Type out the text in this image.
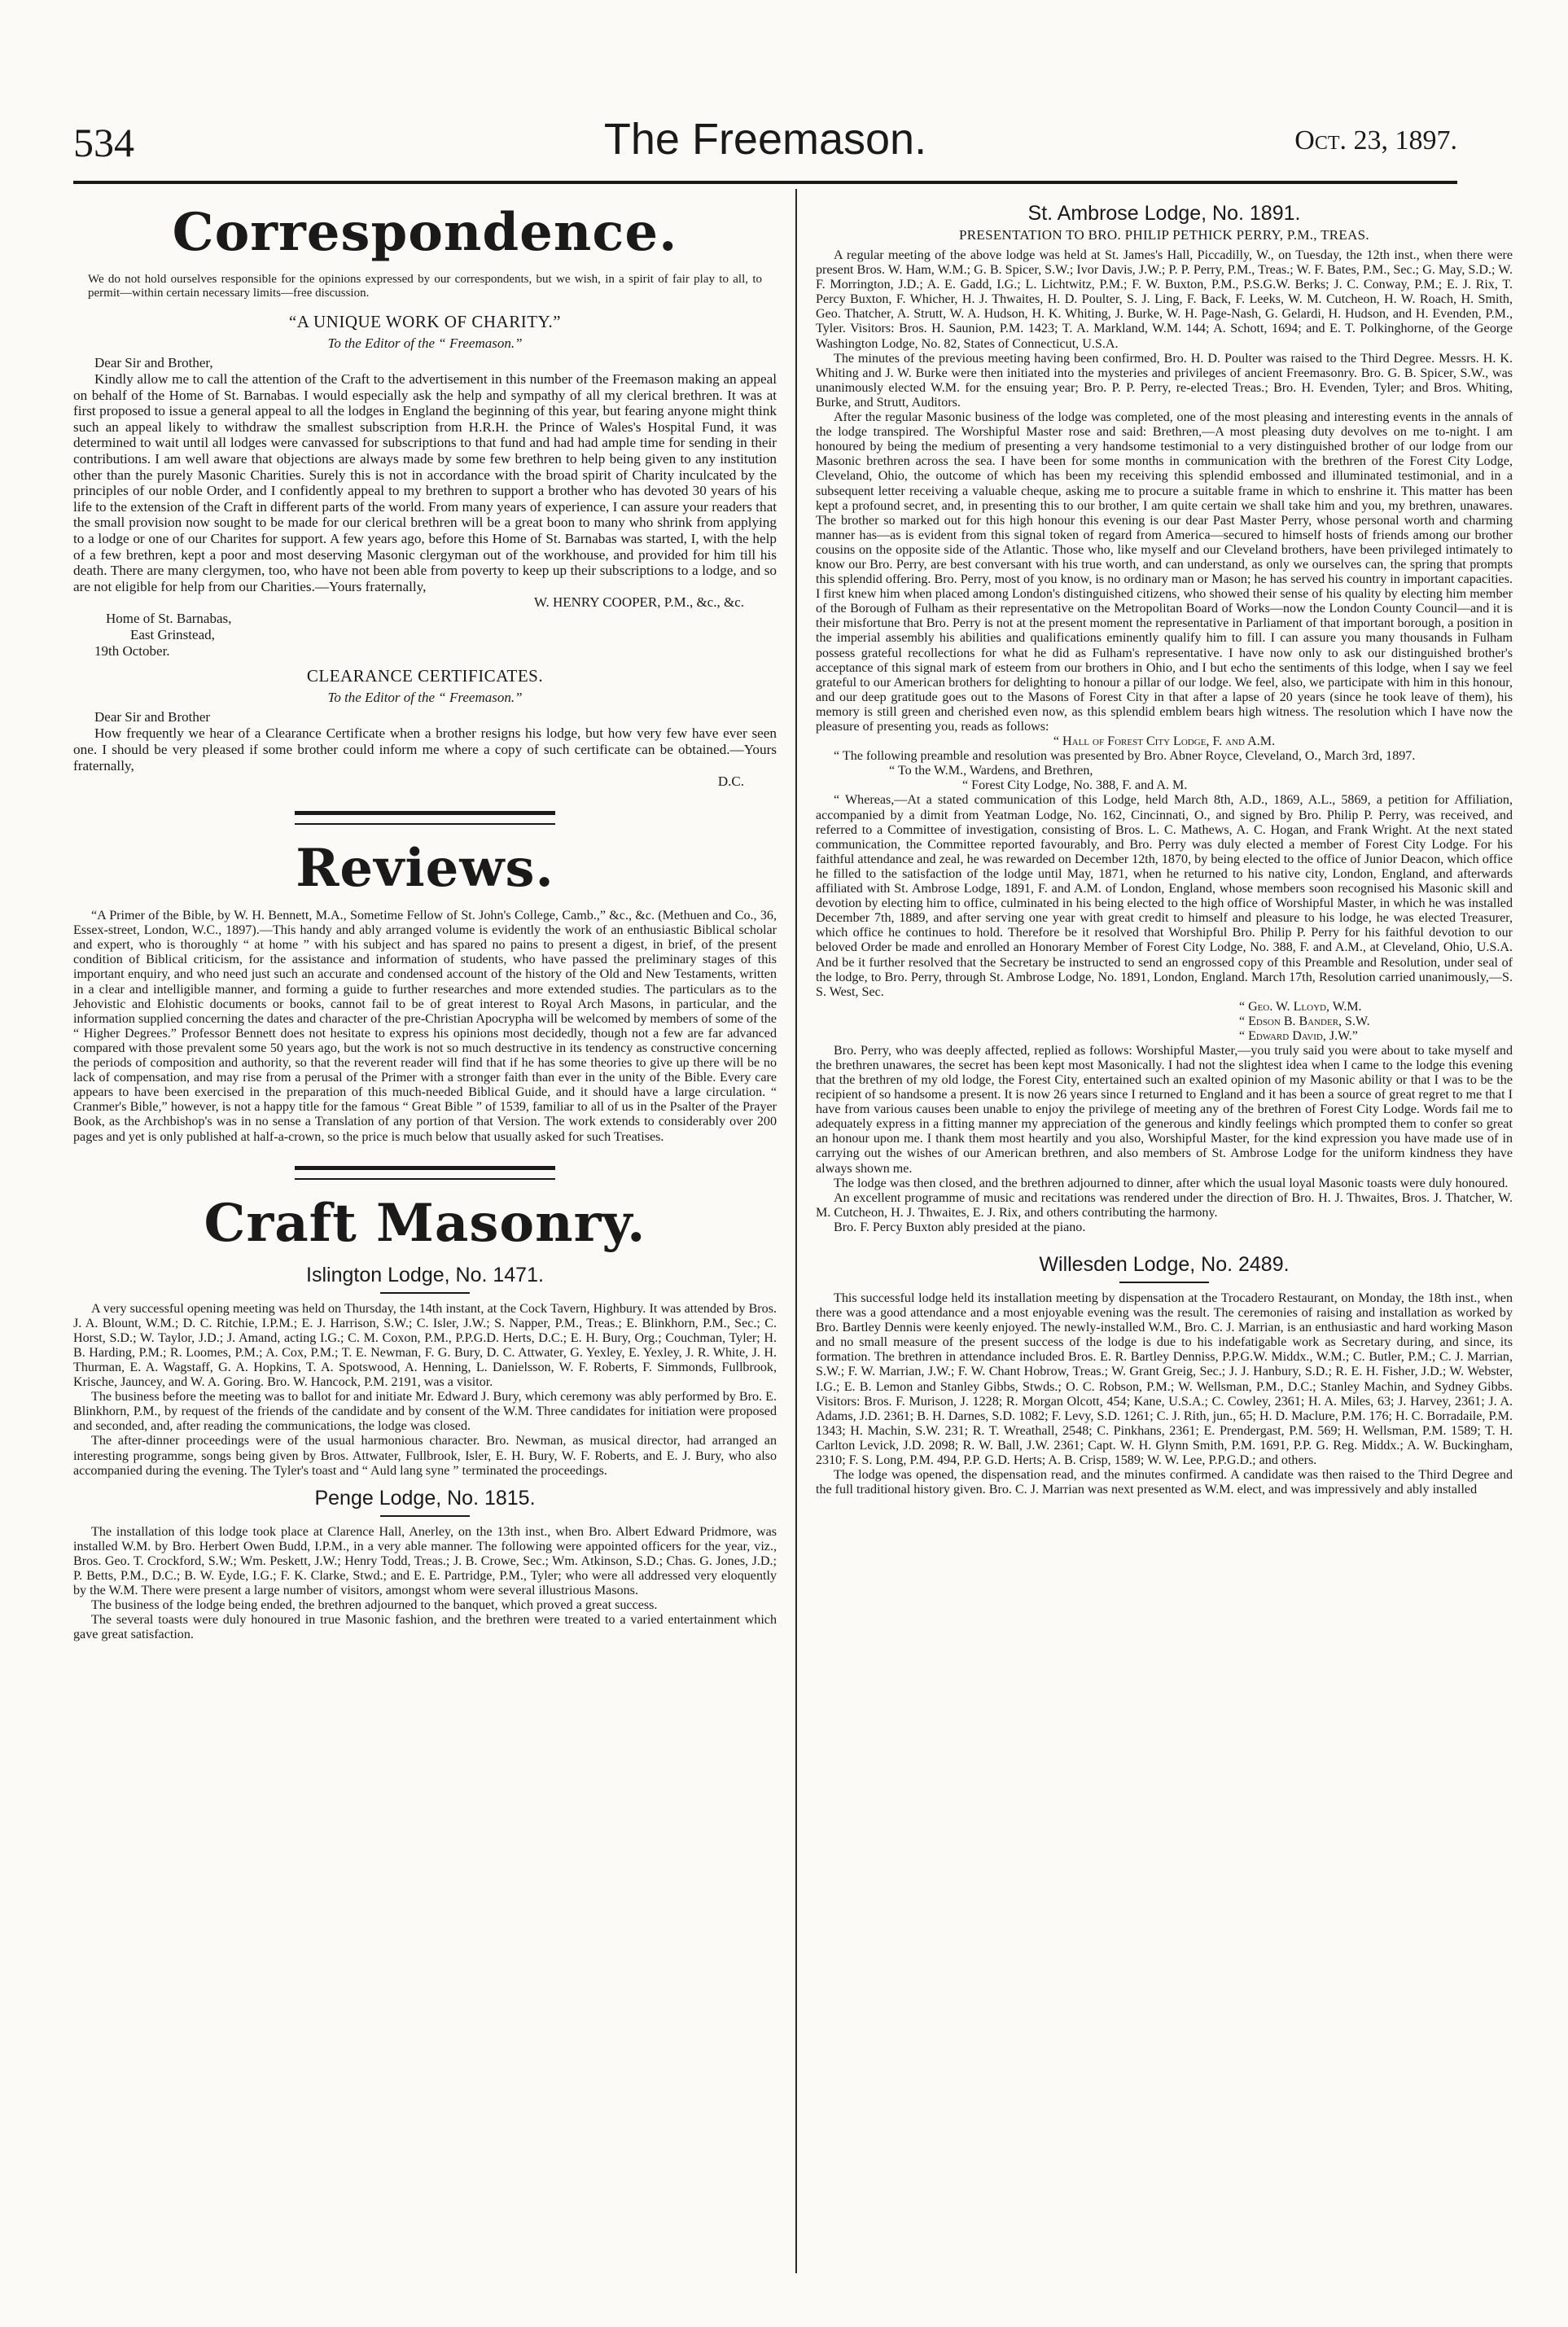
534	The Freemason.	Oct. 23, 1897.
Correspondence.

We do not hold ourselves responsible for the opinions expressed by our correspondents, but we wish, in a spirit of fair play to all, to permit—within certain necessary limits—free discussion.

“A UNIQUE WORK OF CHARITY.”
To the Editor of the “ Freemason.”

Dear Sir and Brother,

Kindly allow me to call the attention of the Craft to the advertisement in this number of the Freemason making an appeal on behalf of the Home of St. Barnabas. I would especially ask the help and sympathy of all my clerical brethren. It was at first proposed to issue a general appeal to all the lodges in England the beginning of this year, but fearing anyone might think such an appeal likely to withdraw the smallest subscription from H.R.H. the Prince of Wales's Hospital Fund, it was determined to wait until all lodges were canvassed for subscriptions to that fund and had had ample time for sending in their contributions. I am well aware that objections are always made by some few brethren to help being given to any institution other than the purely Masonic Charities. Surely this is not in accordance with the broad spirit of Charity inculcated by the principles of our noble Order, and I confidently appeal to my brethren to support a brother who has devoted 30 years of his life to the extension of the Craft in different parts of the world. From many years of experience, I can assure your readers that the small provision now sought to be made for our clerical brethren will be a great boon to many who shrink from applying to a lodge or one of our Charites for support. A few years ago, before this Home of St. Barnabas was started, I, with the help of a few brethren, kept a poor and most deserving Masonic clergyman out of the workhouse, and provided for him till his death. There are many clergymen, too, who have not been able from poverty to keep up their subscriptions to a lodge, and so are not eligible for help from our Charities.—Yours fraternally,

W. HENRY COOPER, P.M., &c., &c.

Home of St. Barnabas,

East Grinstead,

19th October.

CLEARANCE CERTIFICATES.
To the Editor of the “ Freemason.”

Dear Sir and Brother

How frequently we hear of a Clearance Certificate when a brother resigns his lodge, but how very few have ever seen one. I should be very pleased if some brother could inform me where a copy of such certificate can be obtained.—Yours fraternally,

D.C.

Reviews.

“A Primer of the Bible, by W. H. Bennett, M.A., Sometime Fellow of St. John's College, Camb.,” &c., &c. (Methuen and Co., 36, Essex-street, London, W.C., 1897).—This handy and ably arranged volume is evidently the work of an enthusiastic Biblical scholar and expert, who is thoroughly “ at home ” with his subject and has spared no pains to present a digest, in brief, of the present condition of Biblical criticism, for the assistance and information of students, who have passed the preliminary stages of this important enquiry, and who need just such an accurate and condensed account of the history of the Old and New Testaments, written in a clear and intelligible manner, and forming a guide to further researches and more extended studies. The particulars as to the Jehovistic and Elohistic documents or books, cannot fail to be of great interest to Royal Arch Masons, in particular, and the information supplied concerning the dates and character of the pre-Christian Apocrypha will be welcomed by members of some of the “ Higher Degrees.” Professor Bennett does not hesitate to express his opinions most decidedly, though not a few are far advanced compared with those prevalent some 50 years ago, but the work is not so much destructive in its tendency as constructive concerning the periods of composition and authority, so that the reverent reader will find that if he has some theories to give up there will be no lack of compensation, and may rise from a perusal of the Primer with a stronger faith than ever in the unity of the Bible. Every care appears to have been exercised in the preparation of this much-needed Biblical Guide, and it should have a large circulation. “ Cranmer's Bible,” however, is not a happy title for the famous “ Great Bible ” of 1539, familiar to all of us in the Psalter of the Prayer Book, as the Archbishop's was in no sense a Translation of any portion of that Version. The work extends to considerably over 200 pages and yet is only published at half-a-crown, so the price is much below that usually asked for such Treatises.

Craft Masonry.
Islington Lodge, No. 1471.

A very successful opening meeting was held on Thursday, the 14th instant, at the Cock Tavern, Highbury. It was attended by Bros. J. A. Blount, W.M.; D. C. Ritchie, I.P.M.; E. J. Harrison, S.W.; C. Isler, J.W.; S. Napper, P.M., Treas.; E. Blinkhorn, P.M., Sec.; C. Horst, S.D.; W. Taylor, J.D.; J. Amand, acting I.G.; C. M. Coxon, P.M., P.P.G.D. Herts, D.C.; E. H. Bury, Org.; Couchman, Tyler; H. B. Harding, P.M.; R. Loomes, P.M.; A. Cox, P.M.; T. E. Newman, F. G. Bury, D. C. Attwater, G. Yexley, E. Yexley, J. R. White, J. H. Thurman, E. A. Wagstaff, G. A. Hopkins, T. A. Spotswood, A. Henning, L. Danielsson, W. F. Roberts, F. Simmonds, Fullbrook, Krische, Jauncey, and W. A. Goring. Bro. W. Hancock, P.M. 2191, was a visitor.

The business before the meeting was to ballot for and initiate Mr. Edward J. Bury, which ceremony was ably performed by Bro. E. Blinkhorn, P.M., by request of the friends of the candidate and by consent of the W.M. Three candidates for initiation were proposed and seconded, and, after reading the communications, the lodge was closed.

The after-dinner proceedings were of the usual harmonious character. Bro. Newman, as musical director, had arranged an interesting programme, songs being given by Bros. Attwater, Fullbrook, Isler, E. H. Bury, W. F. Roberts, and E. J. Bury, who also accompanied during the evening. The Tyler's toast and “ Auld lang syne ” terminated the proceedings.

Penge Lodge, No. 1815.

The installation of this lodge took place at Clarence Hall, Anerley, on the 13th inst., when Bro. Albert Edward Pridmore, was installed W.M. by Bro. Herbert Owen Budd, I.P.M., in a very able manner. The following were appointed officers for the year, viz., Bros. Geo. T. Crockford, S.W.; Wm. Peskett, J.W.; Henry Todd, Treas.; J. B. Crowe, Sec.; Wm. Atkinson, S.D.; Chas. G. Jones, J.D.; P. Betts, P.M., D.C.; B. W. Eyde, I.G.; F. K. Clarke, Stwd.; and E. E. Partridge, P.M., Tyler; who were all addressed very eloquently by the W.M. There were present a large number of visitors, amongst whom were several illustrious Masons.

The business of the lodge being ended, the brethren adjourned to the banquet, which proved a great success.

The several toasts were duly honoured in true Masonic fashion, and the brethren were treated to a varied entertainment which gave great satisfaction.

St. Ambrose Lodge, No. 1891.
PRESENTATION TO BRO. PHILIP PETHICK PERRY, P.M., TREAS.

A regular meeting of the above lodge was held at St. James's Hall, Piccadilly, W., on Tuesday, the 12th inst., when there were present Bros. W. Ham, W.M.; G. B. Spicer, S.W.; Ivor Davis, J.W.; P. P. Perry, P.M., Treas.; W. F. Bates, P.M., Sec.; G. May, S.D.; W. F. Morrington, J.D.; A. E. Gadd, I.G.; L. Lichtwitz, P.M.; F. W. Buxton, P.M., P.S.G.W. Berks; J. C. Conway, P.M.; E. J. Rix, T. Percy Buxton, F. Whicher, H. J. Thwaites, H. D. Poulter, S. J. Ling, F. Back, F. Leeks, W. M. Cutcheon, H. W. Roach, H. Smith, Geo. Thatcher, A. Strutt, W. A. Hudson, H. K. Whiting, J. Burke, W. H. Page-Nash, G. Gelardi, H. Hudson, and H. Evenden, P.M., Tyler. Visitors: Bros. H. Saunion, P.M. 1423; T. A. Markland, W.M. 144; A. Schott, 1694; and E. T. Polkinghorne, of the George Washington Lodge, No. 82, States of Connecticut, U.S.A.

The minutes of the previous meeting having been confirmed, Bro. H. D. Poulter was raised to the Third Degree. Messrs. H. K. Whiting and J. W. Burke were then initiated into the mysteries and privileges of ancient Freemasonry. Bro. G. B. Spicer, S.W., was unanimously elected W.M. for the ensuing year; Bro. P. P. Perry, re-elected Treas.; Bro. H. Evenden, Tyler; and Bros. Whiting, Burke, and Strutt, Auditors.

After the regular Masonic business of the lodge was completed, one of the most pleasing and interesting events in the annals of the lodge transpired. The Worshipful Master rose and said: Brethren,—A most pleasing duty devolves on me to-night. I am honoured by being the medium of presenting a very handsome testimonial to a very distinguished brother of our lodge from our Masonic brethren across the sea. I have been for some months in communication with the brethren of the Forest City Lodge, Cleveland, Ohio, the outcome of which has been my receiving this splendid embossed and illuminated testimonial, and in a subsequent letter receiving a valuable cheque, asking me to procure a suitable frame in which to enshrine it. This matter has been kept a profound secret, and, in presenting this to our brother, I am quite certain we shall take him and you, my brethren, unawares. The brother so marked out for this high honour this evening is our dear Past Master Perry, whose personal worth and charming manner has—as is evident from this signal token of regard from America—secured to himself hosts of friends among our brother cousins on the opposite side of the Atlantic. Those who, like myself and our Cleveland brothers, have been privileged intimately to know our Bro. Perry, are best conversant with his true worth, and can understand, as only we ourselves can, the spring that prompts this splendid offering. Bro. Perry, most of you know, is no ordinary man or Mason; he has served his country in important capacities. I first knew him when placed among London's distinguished citizens, who showed their sense of his quality by electing him member of the Borough of Fulham as their representative on the Metropolitan Board of Works—now the London County Council—and it is their misfortune that Bro. Perry is not at the present moment the representative in Parliament of that important borough, a position in the imperial assembly his abilities and qualifications eminently qualify him to fill. I can assure you many thousands in Fulham possess grateful recollections for what he did as Fulham's representative. I have now only to ask our distinguished brother's acceptance of this signal mark of esteem from our brothers in Ohio, and I but echo the sentiments of this lodge, when I say we feel grateful to our American brothers for delighting to honour a pillar of our lodge. We feel, also, we participate with him in this honour, and our deep gratitude goes out to the Masons of Forest City in that after a lapse of 20 years (since he took leave of them), his memory is still green and cherished even now, as this splendid emblem bears high witness. The resolution which I have now the pleasure of presenting you, reads as follows:

“ Hall of Forest City Lodge, F. and A.M.

“ The following preamble and resolution was presented by Bro. Abner Royce, Cleveland, O., March 3rd, 1897.

“ To the W.M., Wardens, and Brethren,

“ Forest City Lodge, No. 388, F. and A. M.

“ Whereas,—At a stated communication of this Lodge, held March 8th, A.D., 1869, A.L., 5869, a petition for Affiliation, accompanied by a dimit from Yeatman Lodge, No. 162, Cincinnati, O., and signed by Bro. Philip P. Perry, was received, and referred to a Committee of investigation, consisting of Bros. L. C. Mathews, A. C. Hogan, and Frank Wright. At the next stated communication, the Committee reported favourably, and Bro. Perry was duly elected a member of Forest City Lodge. For his faithful attendance and zeal, he was rewarded on December 12th, 1870, by being elected to the office of Junior Deacon, which office he filled to the satisfaction of the lodge until May, 1871, when he returned to his native city, London, England, and afterwards affiliated with St. Ambrose Lodge, 1891, F. and A.M. of London, England, whose members soon recognised his Masonic skill and devotion by electing him to office, culminated in his being elected to the high office of Worshipful Master, in which he was installed December 7th, 1889, and after serving one year with great credit to himself and pleasure to his lodge, he was elected Treasurer, which office he continues to hold. Therefore be it resolved that Worshipful Bro. Philip P. Perry for his faithful devotion to our beloved Order be made and enrolled an Honorary Member of Forest City Lodge, No. 388, F. and A.M., at Cleveland, Ohio, U.S.A. And be it further resolved that the Secretary be instructed to send an engrossed copy of this Preamble and Resolution, under seal of the lodge, to Bro. Perry, through St. Ambrose Lodge, No. 1891, London, England. March 17th, Resolution carried unanimously,—S. S. West, Sec.

“ Geo. W. Lloyd, W.M.
“ Edson B. Bander, S.W.
“ Edward David, J.W.”

Bro. Perry, who was deeply affected, replied as follows: Worshipful Master,—you truly said you were about to take myself and the brethren unawares, the secret has been kept most Masonically. I had not the slightest idea when I came to the lodge this evening that the brethren of my old lodge, the Forest City, entertained such an exalted opinion of my Masonic ability or that I was to be the recipient of so handsome a present. It is now 26 years since I returned to England and it has been a source of great regret to me that I have from various causes been unable to enjoy the privilege of meeting any of the brethren of Forest City Lodge. Words fail me to adequately express in a fitting manner my appreciation of the generous and kindly feelings which prompted them to confer so great an honour upon me. I thank them most heartily and you also, Worshipful Master, for the kind expression you have made use of in carrying out the wishes of our American brethren, and also members of St. Ambrose Lodge for the uniform kindness they have always shown me.

The lodge was then closed, and the brethren adjourned to dinner, after which the usual loyal Masonic toasts were duly honoured.

An excellent programme of music and recitations was rendered under the direction of Bro. H. J. Thwaites, Bros. J. Thatcher, W. M. Cutcheon, H. J. Thwaites, E. J. Rix, and others contributing the harmony.

Bro. F. Percy Buxton ably presided at the piano.

Willesden Lodge, No. 2489.

This successful lodge held its installation meeting by dispensation at the Trocadero Restaurant, on Monday, the 18th inst., when there was a good attendance and a most enjoyable evening was the result. The ceremonies of raising and installation as worked by Bro. Bartley Dennis were keenly enjoyed. The newly-installed W.M., Bro. C. J. Marrian, is an enthusiastic and hard working Mason and no small measure of the present success of the lodge is due to his indefatigable work as Secretary during, and since, its formation. The brethren in attendance included Bros. E. R. Bartley Denniss, P.P.G.W. Middx., W.M.; C. Butler, P.M.; C. J. Marrian, S.W.; F. W. Marrian, J.W.; F. W. Chant Hobrow, Treas.; W. Grant Greig, Sec.; J. J. Hanbury, S.D.; R. E. H. Fisher, J.D.; W. Webster, I.G.; E. B. Lemon and Stanley Gibbs, Stwds.; O. C. Robson, P.M.; W. Wellsman, P.M., D.C.; Stanley Machin, and Sydney Gibbs. Visitors: Bros. F. Murison, J. 1228; R. Morgan Olcott, 454; Kane, U.S.A.; C. Cowley, 2361; H. A. Miles, 63; J. Harvey, 2361; J. A. Adams, J.D. 2361; B. H. Darnes, S.D. 1082; F. Levy, S.D. 1261; C. J. Rith, jun., 65; H. D. Maclure, P.M. 176; H. C. Borradaile, P.M. 1343; H. Machin, S.W. 231; R. T. Wreathall, 2548; C. Pinkhans, 2361; E. Prendergast, P.M. 569; H. Wellsman, P.M. 1589; T. H. Carlton Levick, J.D. 2098; R. W. Ball, J.W. 2361; Capt. W. H. Glynn Smith, P.M. 1691, P.P. G. Reg. Middx.; A. W. Buckingham, 2310; F. S. Long, P.M. 494, P.P. G.D. Herts; A. B. Crisp, 1589; W. W. Lee, P.P.G.D.; and others.

The lodge was opened, the dispensation read, and the minutes confirmed. A candidate was then raised to the Third Degree and the full traditional history given. Bro. C. J. Marrian was next presented as W.M. elect, and was impressively and ably installed
